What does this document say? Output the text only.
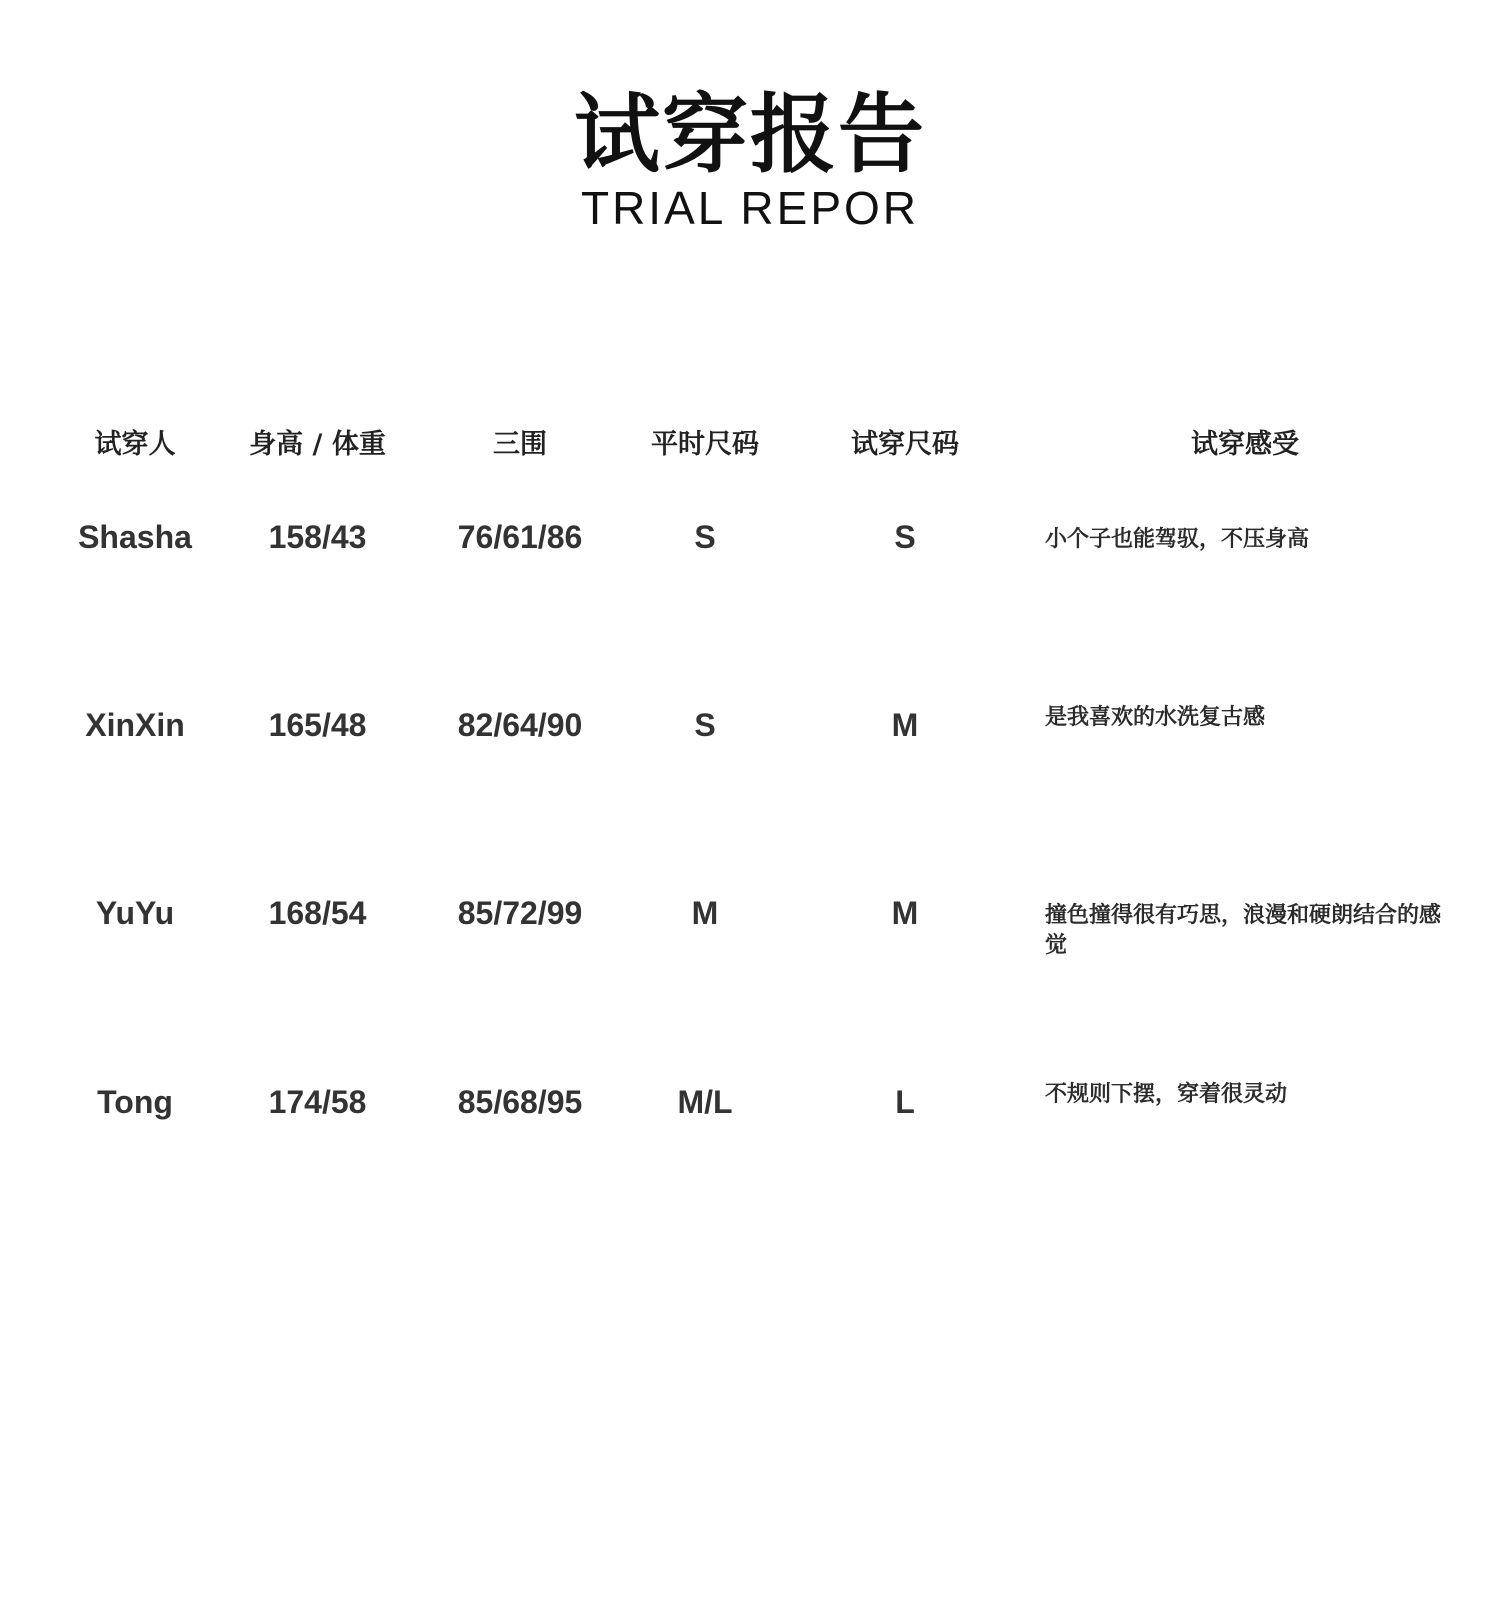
试穿报告
TRIAL REPOR
试穿人	身高 / 体重	三围	平时尺码	试穿尺码	试穿感受
Shasha	158/43	76/61/86	S	S	小个子也能驾驭，不压身高
XinXin	165/48	82/64/90	S	M	是我喜欢的水洗复古感
YuYu	168/54	85/72/99	M	M	撞色撞得很有巧思，浪漫和硬朗结合的感觉
Tong	174/58	85/68/95	M/L	L	不规则下摆，穿着很灵动
